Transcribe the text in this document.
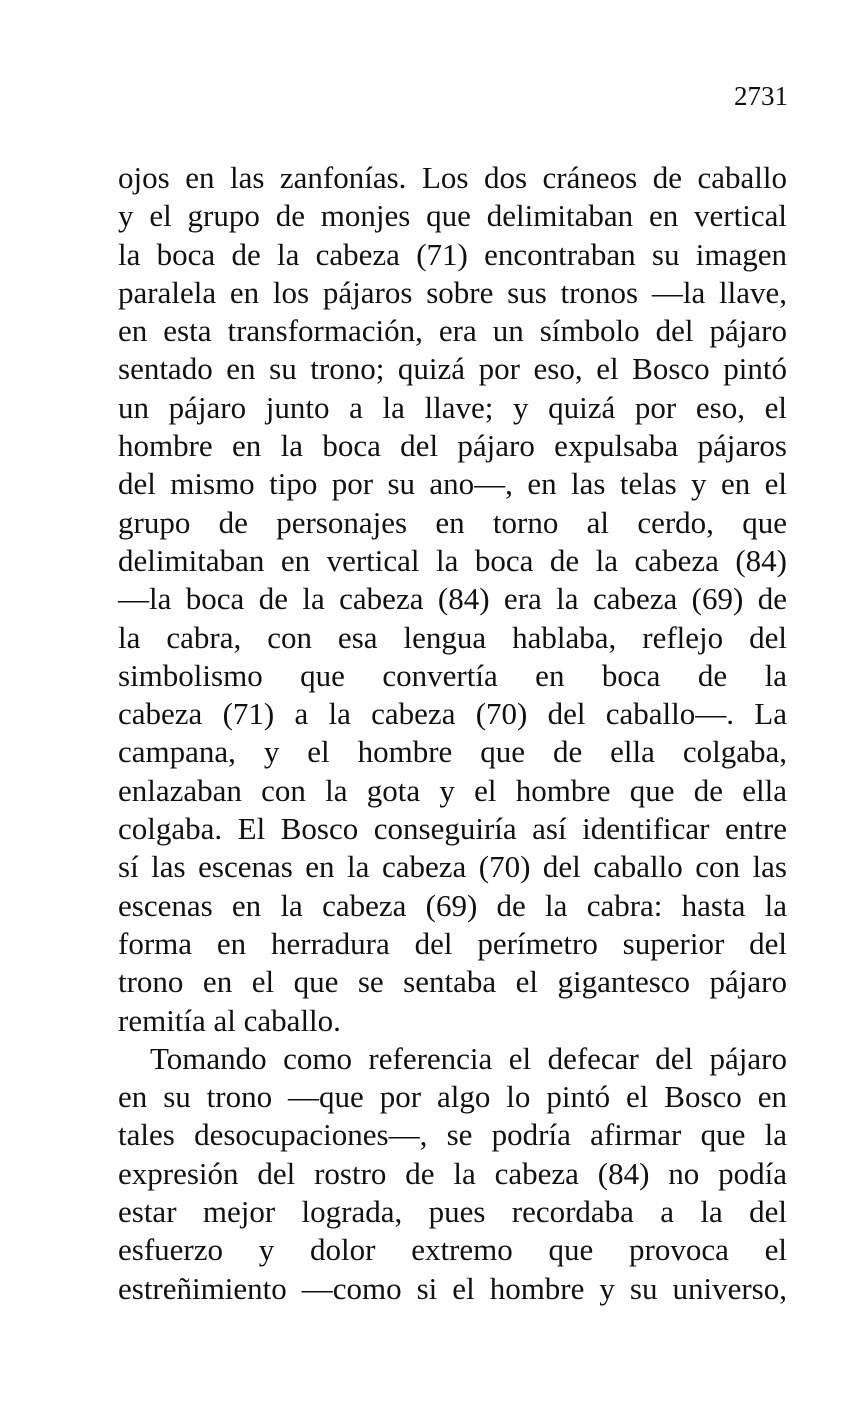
2731

ojos en las zanfonías. Los dos cráneos de caballo
y el grupo de monjes que delimitaban en vertical
la boca de la cabeza (71) encontraban su imagen
paralela en los pájaros sobre sus tronos —la llave,
en esta transformación, era un símbolo del pájaro
sentado en su trono; quizá por eso, el Bosco pintó
un pájaro junto a la llave; y quizá por eso, el
hombre en la boca del pájaro expulsaba pájaros
del mismo tipo por su ano—, en las telas y en el
grupo de personajes en torno al cerdo, que
delimitaban en vertical la boca de la cabeza (84)
—la boca de la cabeza (84) era la cabeza (69) de
la cabra, con esa lengua hablaba, reflejo del
simbolismo que convertía en boca de la
cabeza (71) a la cabeza (70) del caballo—. La
campana, y el hombre que de ella colgaba,
enlazaban con la gota y el hombre que de ella
colgaba. El Bosco conseguiría así identificar entre
sí las escenas en la cabeza (70) del caballo con las
escenas en la cabeza (69) de la cabra: hasta la
forma en herradura del perímetro superior del
trono en el que se sentaba el gigantesco pájaro
remitía al caballo.

Tomando como referencia el defecar del pájaro
en su trono —que por algo lo pintó el Bosco en
tales desocupaciones—, se podría afirmar que la
expresión del rostro de la cabeza (84) no podía
estar mejor lograda, pues recordaba a la del
esfuerzo y dolor extremo que provoca el
estreñimiento —como si el hombre y su universo,
